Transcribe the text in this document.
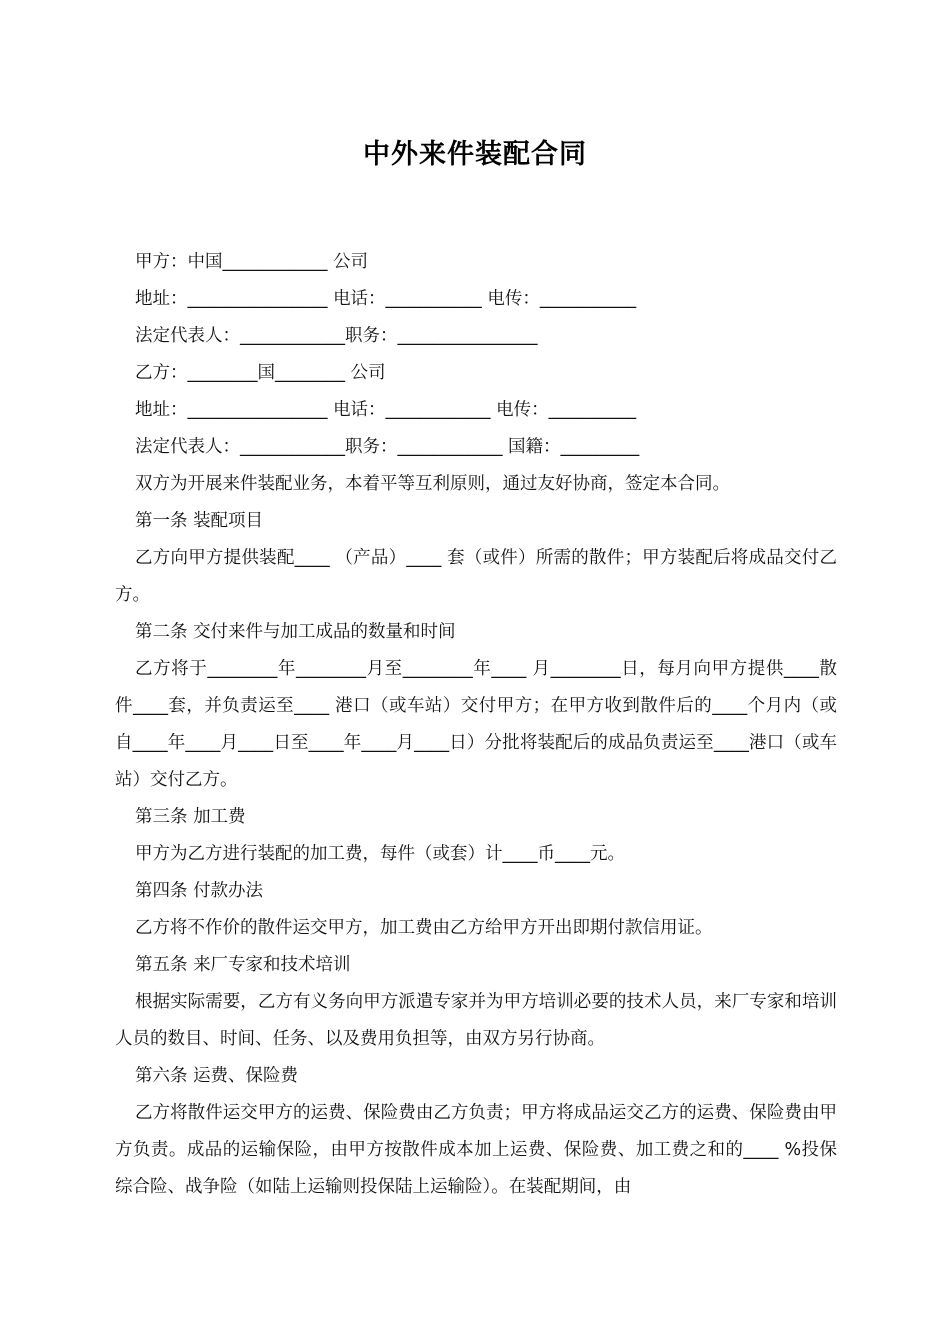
中外来件装配合同
甲方：中国____________ 公司
地址：________________ 电话：___________ 电传：___________
法定代表人：____________职务：________________
乙方：________国________ 公司
地址：________________ 电话：____________ 电传：__________
法定代表人：____________职务：____________ 国籍：_________
双方为开展来件装配业务，本着平等互利原则，通过友好协商，签定本合同。
第一条 装配项目
乙方向甲方提供装配____ （产品）____ 套（或件）所需的散件；甲方装配后将成品交付乙方。
第二条 交付来件与加工成品的数量和时间
乙方将于________年________月至________年____ 月________日，每月向甲方提供____散件____套，并负责运至____ 港口（或车站）交付甲方；在甲方收到散件后的____个月内（或自____年____月____日至____年____月____日）分批将装配后的成品负责运至____港口（或车站）交付乙方。
第三条 加工费
甲方为乙方进行装配的加工费，每件（或套）计____币____元。
第四条 付款办法
乙方将不作价的散件运交甲方，加工费由乙方给甲方开出即期付款信用证。
第五条 来厂专家和技术培训
根据实际需要，乙方有义务向甲方派遣专家并为甲方培训必要的技术人员，来厂专家和培训人员的数目、时间、任务、以及费用负担等，由双方另行协商。
第六条 运费、保险费
乙方将散件运交甲方的运费、保险费由乙方负责；甲方将成品运交乙方的运费、保险费由甲方负责。成品的运输保险，由甲方按散件成本加上运费、保险费、加工费之和的____ %投保综合险、战争险（如陆上运输则投保陆上运输险）。在装配期间，由
